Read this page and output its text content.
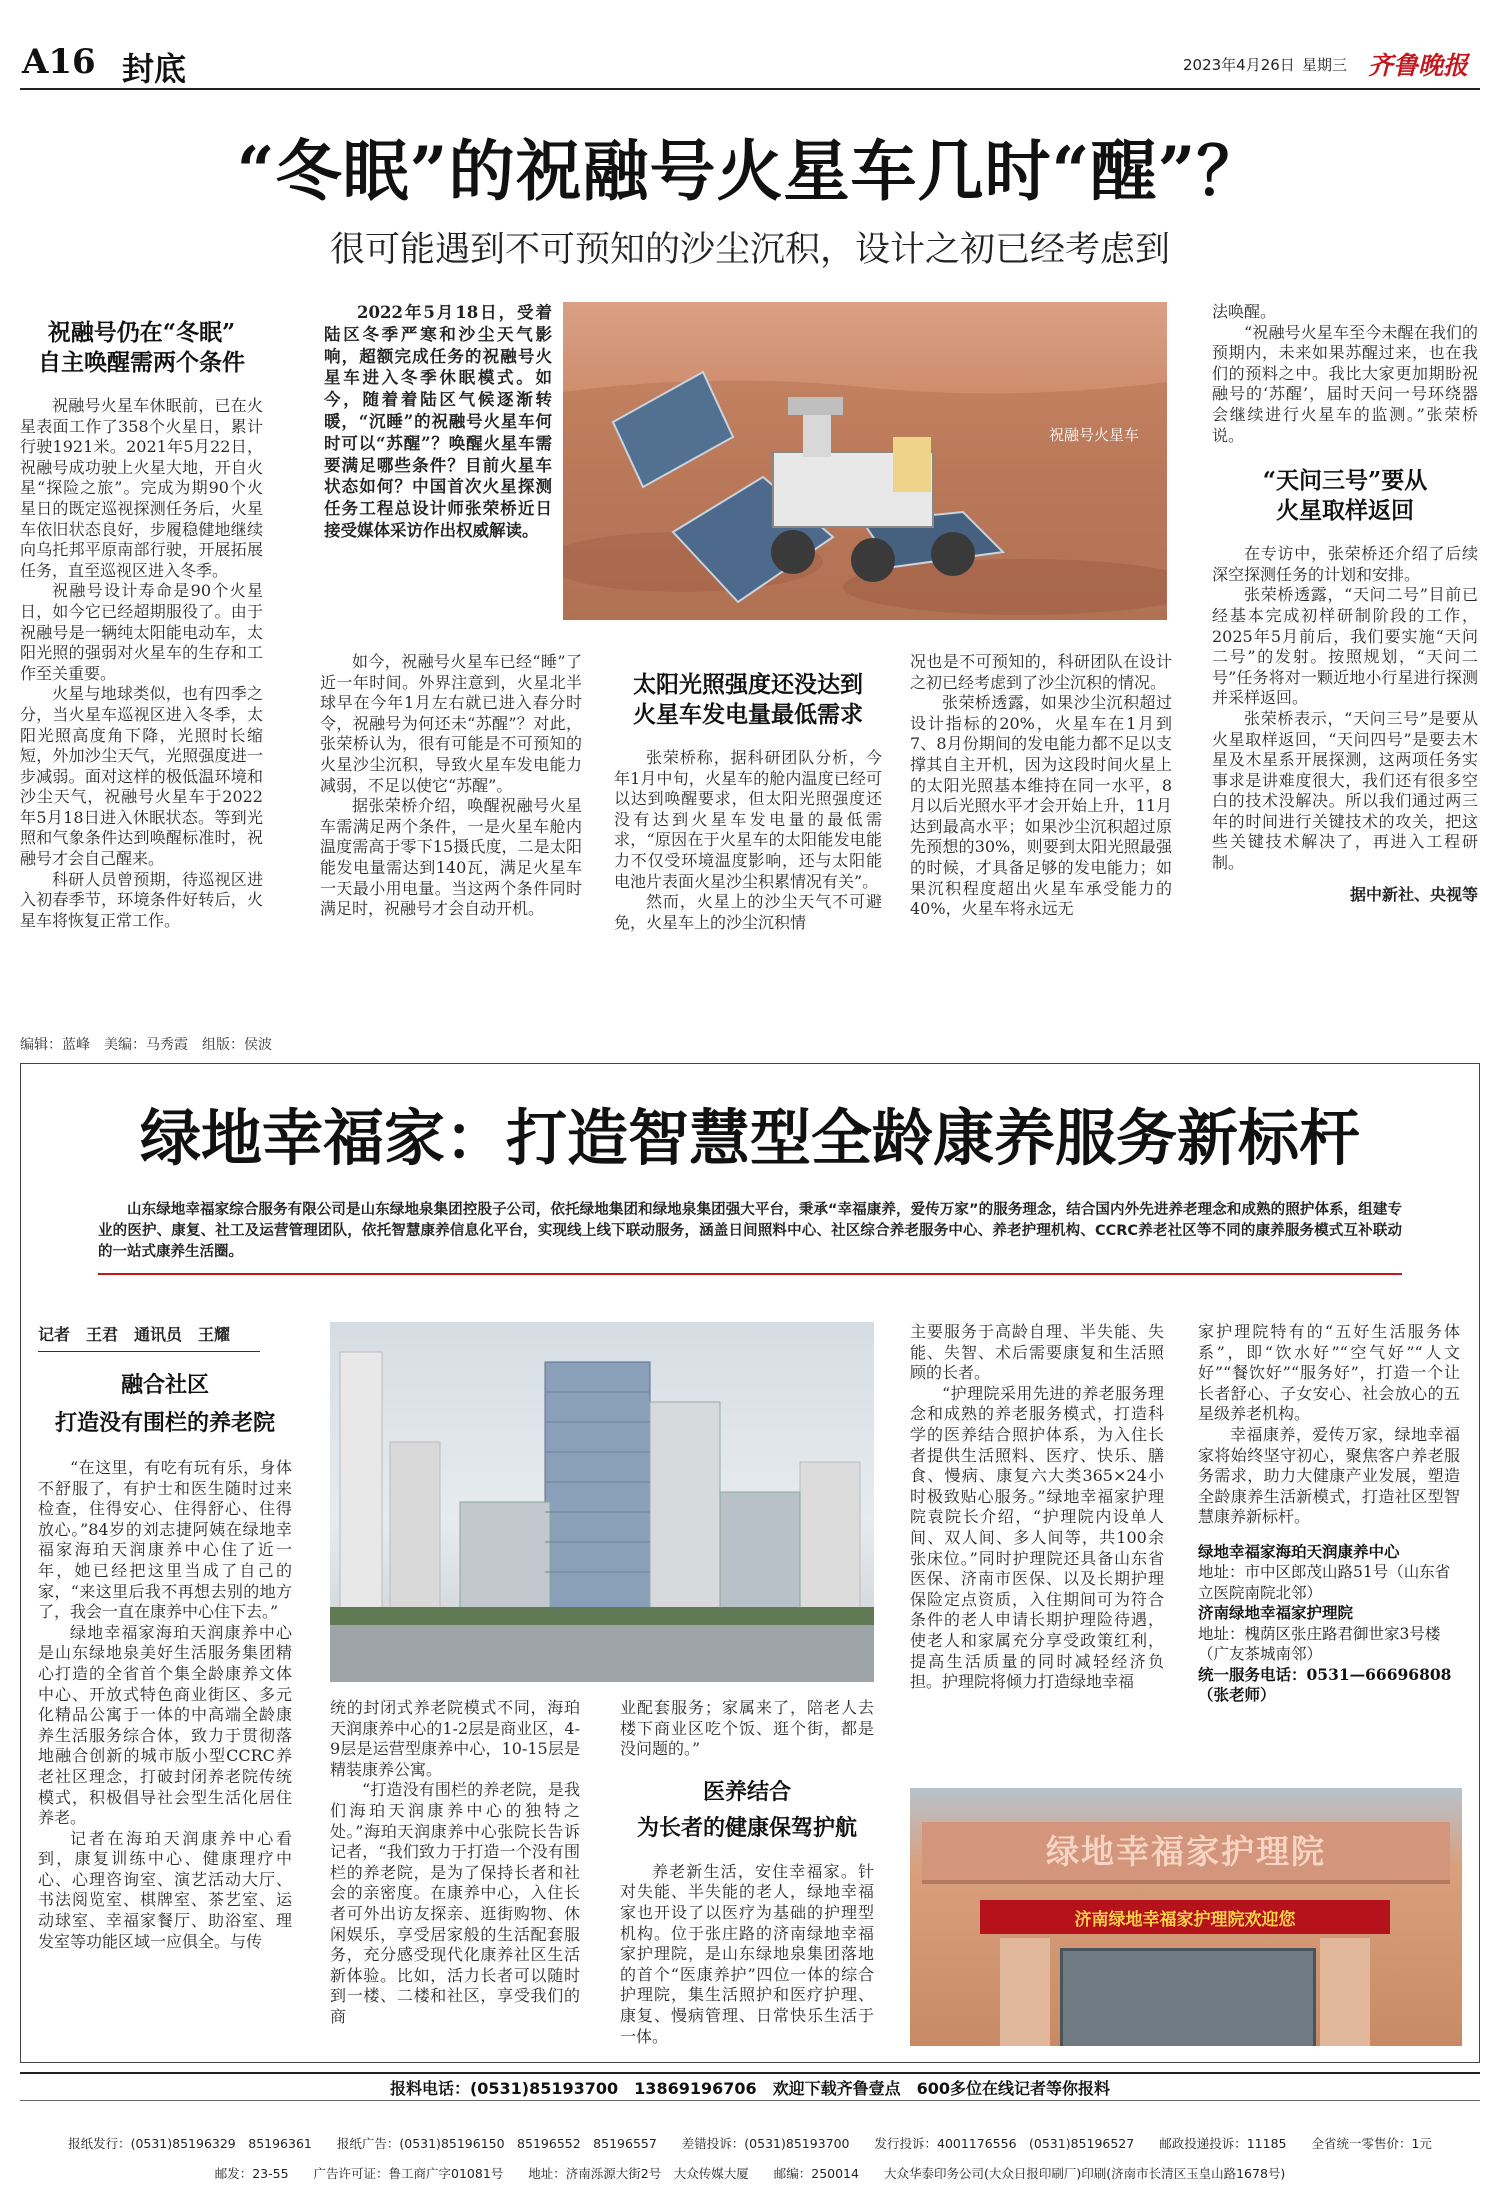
A16 封底	2023年4月26日 星期三 齐鲁晚报
“冬眠”的祝融号火星车几时“醒”？
很可能遇到不可预知的沙尘沉积，设计之初已经考虑到

祝融号仍在“冬眠”
自主唤醒需两个条件

祝融号火星车休眠前，已在火星表面工作了358个火星日，累计行驶1921米。2021年5月22日，祝融号成功驶上火星大地，开自火星“探险之旅”。完成为期90个火星日的既定巡视探测任务后，火星车依旧状态良好，步履稳健地继续向乌托邦平原南部行驶，开展拓展任务，直至巡视区进入冬季。

祝融号设计寿命是90个火星日，如今它已经超期服役了。由于祝融号是一辆纯太阳能电动车，太阳光照的强弱对火星车的生存和工作至关重要。

火星与地球类似，也有四季之分，当火星车巡视区进入冬季，太阳光照高度角下降，光照时长缩短，外加沙尘天气，光照强度进一步减弱。面对这样的极低温环境和沙尘天气，祝融号火星车于2022年5月18日进入休眠状态。等到光照和气象条件达到唤醒标准时，祝融号才会自己醒来。

科研人员曾预期，待巡视区进入初春季节，环境条件好转后，火星车将恢复正常工作。

2022年5月18日，受着陆区冬季严寒和沙尘天气影响，超额完成任务的祝融号火星车进入冬季休眠模式。如今，随着着陆区气候逐渐转暖，“沉睡”的祝融号火星车何时可以“苏醒”？唤醒火星车需要满足哪些条件？目前火星车状态如何？中国首次火星探测任务工程总设计师张荣桥近日接受媒体采访作出权威解读。
祝融号火星车

如今，祝融号火星车已经“睡”了近一年时间。外界注意到，火星北半球早在今年1月左右就已进入春分时令，祝融号为何还未“苏醒”？对此，张荣桥认为，很有可能是不可预知的火星沙尘沉积，导致火星车发电能力减弱，不足以使它“苏醒”。

据张荣桥介绍，唤醒祝融号火星车需满足两个条件，一是火星车舱内温度需高于零下15摄氏度，二是太阳能发电量需达到140瓦，满足火星车一天最小用电量。当这两个条件同时满足时，祝融号才会自动开机。

太阳光照强度还没达到
火星车发电量最低需求

张荣桥称，据科研团队分析，今年1月中旬，火星车的舱内温度已经可以达到唤醒要求，但太阳光照强度还没有达到火星车发电量的最低需求，“原因在于火星车的太阳能发电能力不仅受环境温度影响，还与太阳能电池片表面火星沙尘积累情况有关”。

然而，火星上的沙尘天气不可避免，火星车上的沙尘沉积情

况也是不可预知的，科研团队在设计之初已经考虑到了沙尘沉积的情况。

张荣桥透露，如果沙尘沉积超过设计指标的20%，火星车在1月到7、8月份期间的发电能力都不足以支撑其自主开机，因为这段时间火星上的太阳光照基本维持在同一水平，8月以后光照水平才会开始上升，11月达到最高水平；如果沙尘沉积超过原先预想的30%，则要到太阳光照最强的时候，才具备足够的发电能力；如果沉积程度超出火星车承受能力的40%，火星车将永远无

法唤醒。

“祝融号火星车至今未醒在我们的预期内，未来如果苏醒过来，也在我们的预料之中。我比大家更加期盼祝融号的‘苏醒’，届时天问一号环绕器会继续进行火星车的监测。”张荣桥说。

“天问三号”要从
火星取样返回

在专访中，张荣桥还介绍了后续深空探测任务的计划和安排。

张荣桥透露，“天问二号”目前已经基本完成初样研制阶段的工作，2025年5月前后，我们要实施“天问二号”的发射。按照规划，“天问二号”任务将对一颗近地小行星进行探测并采样返回。

张荣桥表示，“天问三号”是要从火星取样返回，“天问四号”是要去木星及木星系开展探测，这两项任务实事求是讲难度很大，我们还有很多空白的技术没解决。所以我们通过两三年的时间进行关键技术的攻关，把这些关键技术解决了，再进入工程研制。

据中新社、央视等

编辑：蓝峰　美编：马秀霞　组版：侯波
绿地幸福家：打造智慧型全龄康养服务新标杆
山东绿地幸福家综合服务有限公司是山东绿地泉集团控股子公司，依托绿地集团和绿地泉集团强大平台，秉承“幸福康养，爱传万家”的服务理念，结合国内外先进养老理念和成熟的照护体系，组建专业的医护、康复、社工及运营管理团队，依托智慧康养信息化平台，实现线上线下联动服务，涵盖日间照料中心、社区综合养老服务中心、养老护理机构、CCRC养老社区等不同的康养服务模式互补联动的一站式康养生活圈。

记者　王君　通讯员　王耀

融合社区
打造没有围栏的养老院

“在这里，有吃有玩有乐，身体不舒服了，有护士和医生随时过来检查，住得安心、住得舒心、住得放心。”84岁的刘志捷阿姨在绿地幸福家海珀天润康养中心住了近一年，她已经把这里当成了自己的家，“来这里后我不再想去别的地方了，我会一直在康养中心住下去。”

绿地幸福家海珀天润康养中心是山东绿地泉美好生活服务集团精心打造的全省首个集全龄康养文体中心、开放式特色商业街区、多元化精品公寓于一体的中高端全龄康养生活服务综合体，致力于贯彻落地融合创新的城市版小型CCRC养老社区理念，打破封闭养老院传统模式，积极倡导社会型生活化居住养老。

记者在海珀天润康养中心看到，康复训练中心、健康理疗中心、心理咨询室、演艺活动大厅、书法阅览室、棋牌室、茶艺室、运动球室、幸福家餐厅、助浴室、理发室等功能区域一应俱全。与传

统的封闭式养老院模式不同，海珀天润康养中心的1-2层是商业区，4-9层是运营型康养中心，10-15层是精装康养公寓。

“打造没有围栏的养老院，是我们海珀天润康养中心的独特之处。”海珀天润康养中心张院长告诉记者，“我们致力于打造一个没有围栏的养老院，是为了保持长者和社会的亲密度。在康养中心，入住长者可外出访友探亲、逛街购物、休闲娱乐，享受居家般的生活配套服务，充分感受现代化康养社区生活新体验。比如，活力长者可以随时到一楼、二楼和社区，享受我们的商

业配套服务；家属来了，陪老人去楼下商业区吃个饭、逛个街，都是没问题的。”

医养结合
为长者的健康保驾护航

养老新生活，安住幸福家。针对失能、半失能的老人，绿地幸福家也开设了以医疗为基础的护理型机构。位于张庄路的济南绿地幸福家护理院，是山东绿地泉集团落地的首个“医康养护”四位一体的综合护理院，集生活照护和医疗护理、康复、慢病管理、日常快乐生活于一体。

主要服务于高龄自理、半失能、失能、失智、术后需要康复和生活照顾的长者。

“护理院采用先进的养老服务理念和成熟的养老服务模式，打造科学的医养结合照护体系，为入住长者提供生活照料、医疗、快乐、膳食、慢病、康复六大类365×24小时极致贴心服务。”绿地幸福家护理院袁院长介绍，“护理院内设单人间、双人间、多人间等，共100余张床位。”同时护理院还具备山东省医保、济南市医保、以及长期护理保险定点资质，入住期间可为符合条件的老人申请长期护理险待遇，使老人和家属充分享受政策红利，提高生活质量的同时减轻经济负担。护理院将倾力打造绿地幸福

家护理院特有的“五好生活服务体系”，即“饮水好”“空气好”“人文好”“餐饮好”“服务好”，打造一个让长者舒心、子女安心、社会放心的五星级养老机构。

幸福康养，爱传万家，绿地幸福家将始终坚守初心，聚焦客户养老服务需求，助力大健康产业发展，塑造全龄康养生活新模式，打造社区型智慧康养新标杆。

绿地幸福家海珀天润康养中心
地址：市中区郎茂山路51号（山东省立医院南院北邻）
济南绿地幸福家护理院
地址：槐荫区张庄路君御世家3号楼（广友茶城南邻）
统一服务电话：0531—66696808（张老师）
绿地幸福家护理院
济南绿地幸福家护理院欢迎您
报料电话：(0531)85193700　13869196706　欢迎下载齐鲁壹点　600多位在线记者等你报料
报纸发行：(0531)85196329　85196361　　报纸广告：(0531)85196150　85196552　85196557　　差错投诉：(0531)85193700　　发行投诉：4001176556　(0531)85196527　　邮政投递投诉：11185　　全省统一零售价：1元
邮发：23-55　　广告许可证：鲁工商广字01081号　　地址：济南泺源大街2号　大众传媒大厦　　邮编：250014　　大众华泰印务公司(大众日报印刷厂)印刷(济南市长清区玉皇山路1678号)
